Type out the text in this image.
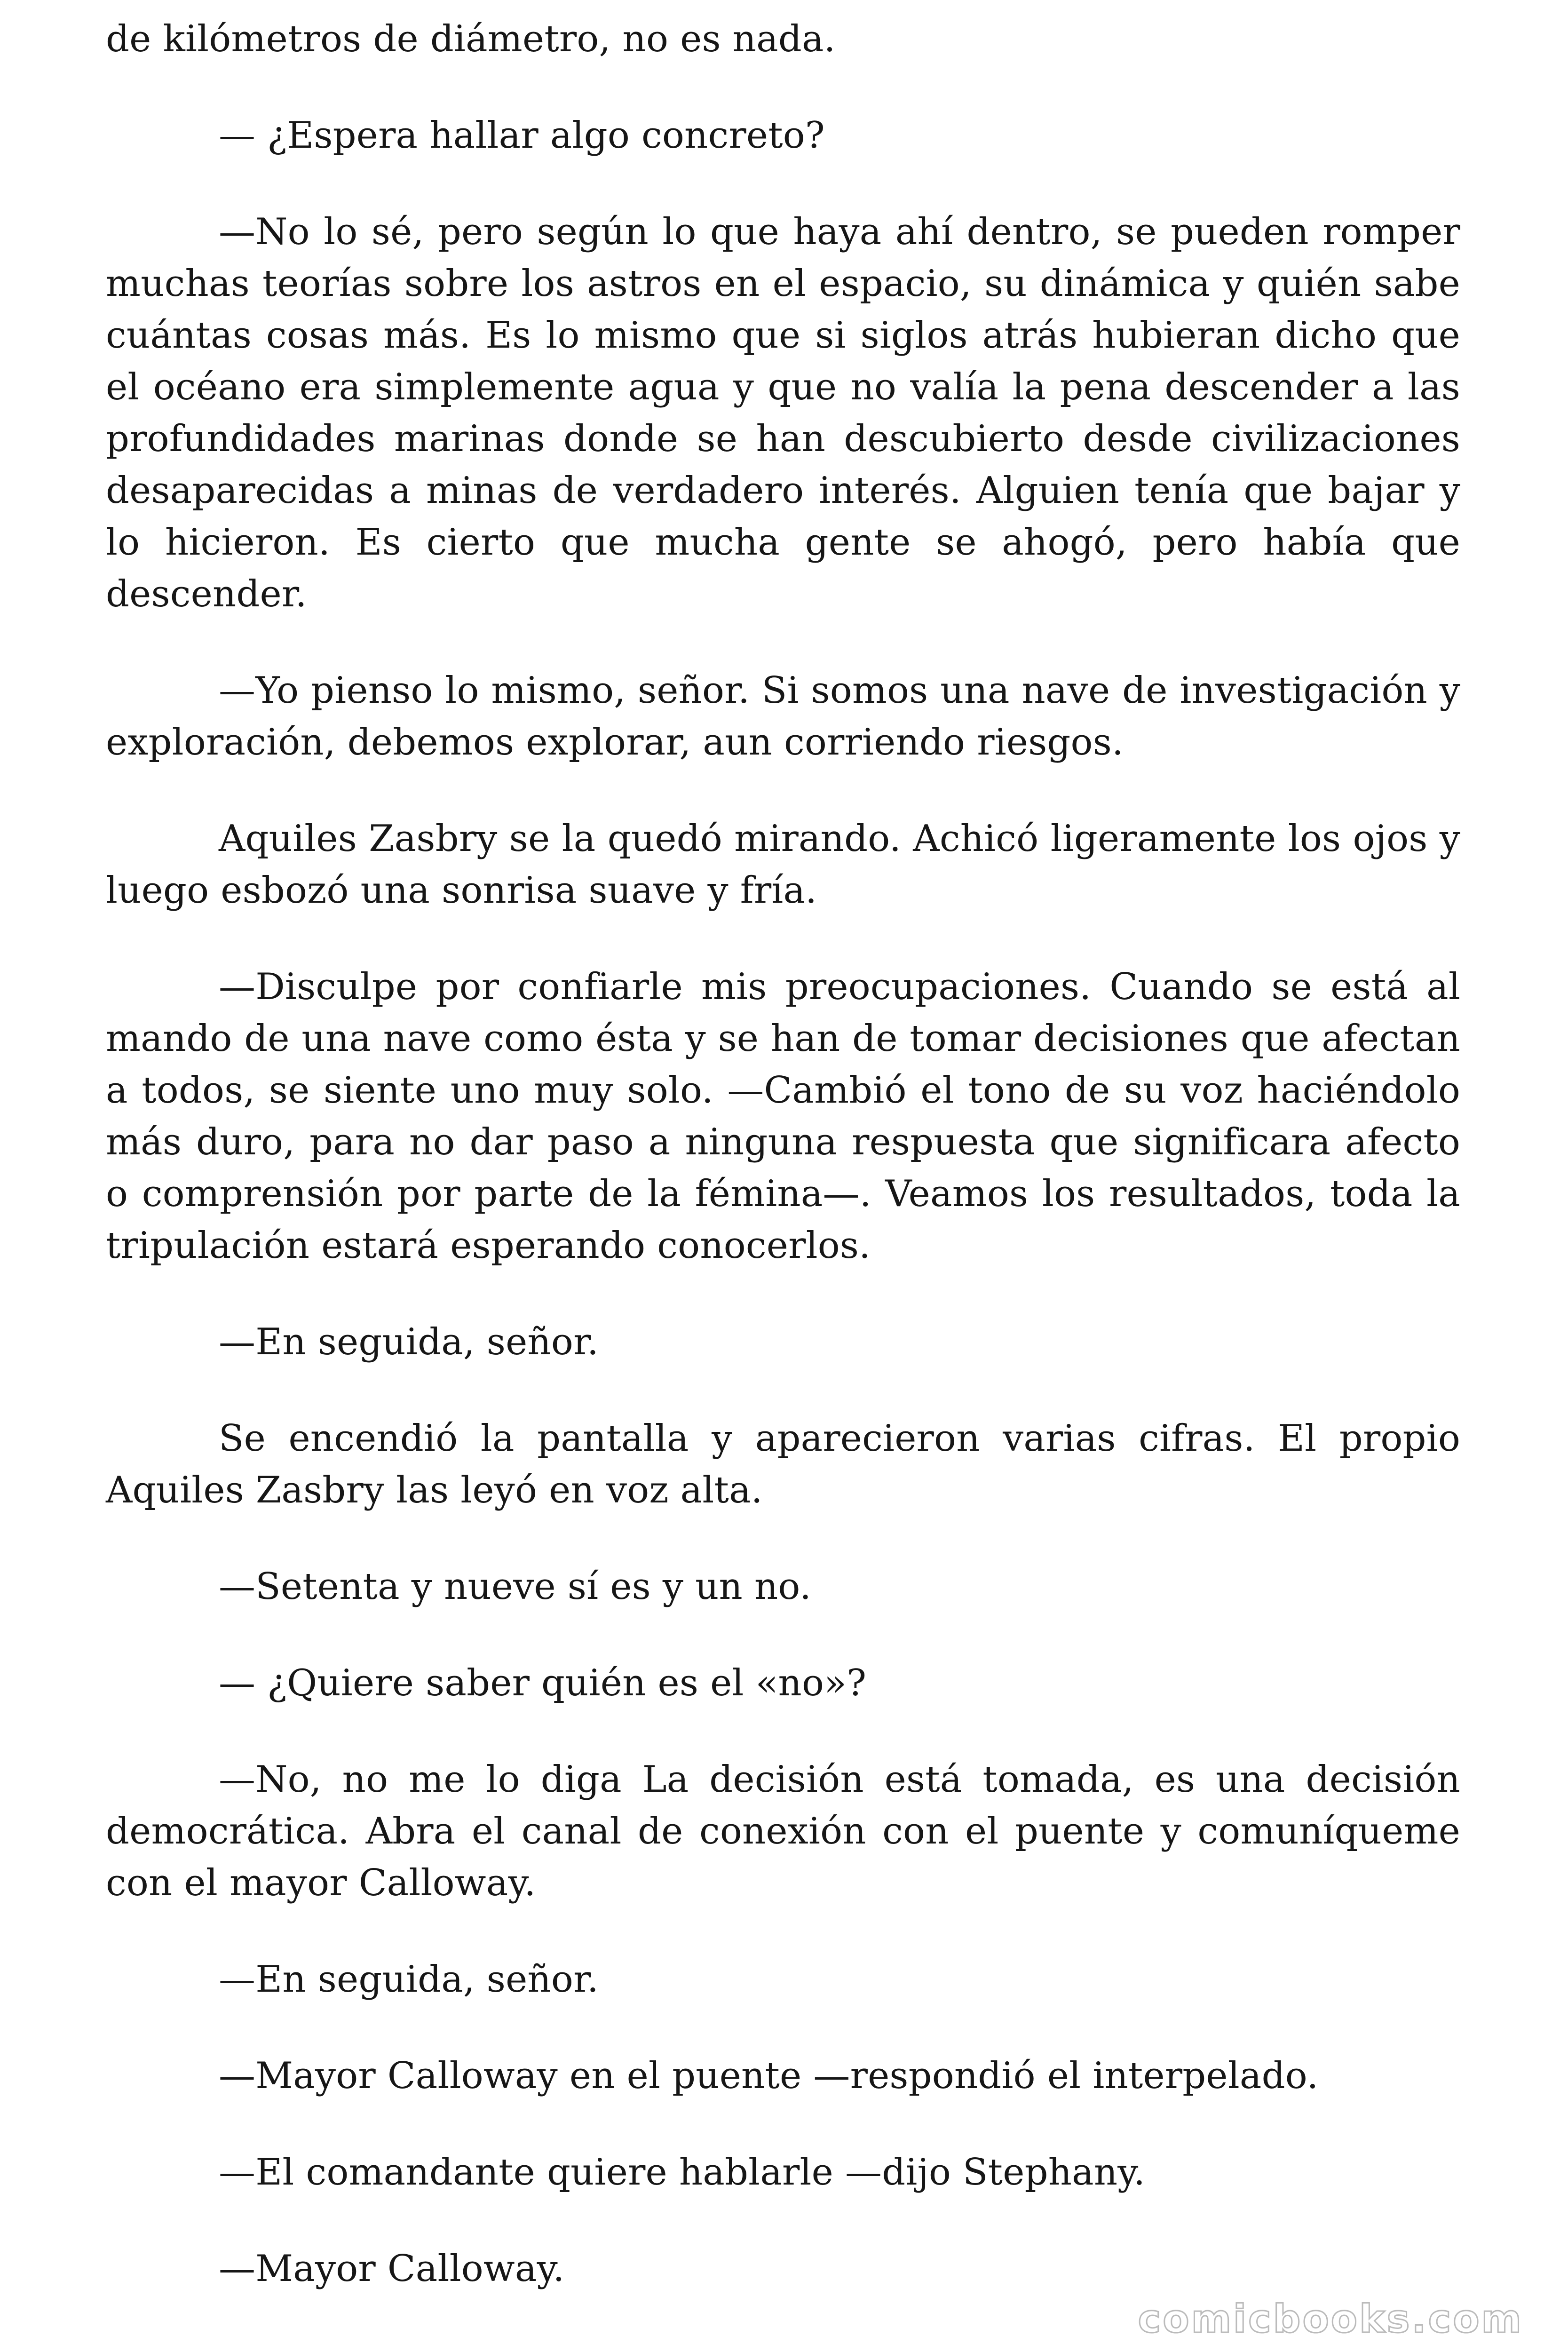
de kilómetros de diámetro, no es nada.

— ¿Espera hallar algo concreto?

—No lo sé, pero según lo que haya ahí dentro, se pueden romper muchas teorías sobre los astros en el espacio, su dinámica y quién sabe cuántas cosas más. Es lo mismo que si siglos atrás hubieran dicho que el océano era simplemente agua y que no valía la pena descender a las profundidades marinas donde se han descubierto desde civilizaciones desaparecidas a minas de verdadero interés. Alguien tenía que bajar y lo hicieron. Es cierto que mucha gente se ahogó, pero había que descender.

—Yo pienso lo mismo, señor. Si somos una nave de investigación y exploración, debemos explorar, aun corriendo riesgos.

Aquiles Zasbry se la quedó mirando. Achicó ligeramente los ojos y luego esbozó una sonrisa suave y fría.

—Disculpe por confiarle mis preocupaciones. Cuando se está al mando de una nave como ésta y se han de tomar decisiones que afectan a todos, se siente uno muy solo. —Cambió el tono de su voz haciéndolo más duro, para no dar paso a ninguna respuesta que significara afecto o comprensión por parte de la fémina—. Veamos los resultados, toda la tripulación estará esperando conocerlos.

—En seguida, señor.

Se encendió la pantalla y aparecieron varias cifras. El propio Aquiles Zasbry las leyó en voz alta.

—Setenta y nueve sí es y un no.

— ¿Quiere saber quién es el «no»?

—No, no me lo diga La decisión está tomada, es una decisión democrática. Abra el canal de conexión con el puente y comuníqueme con el mayor Calloway.

—En seguida, señor.

—Mayor Calloway en el puente —respondió el interpelado.

—El comandante quiere hablarle —dijo Stephany.

—Mayor Calloway.

comicbooks.com
